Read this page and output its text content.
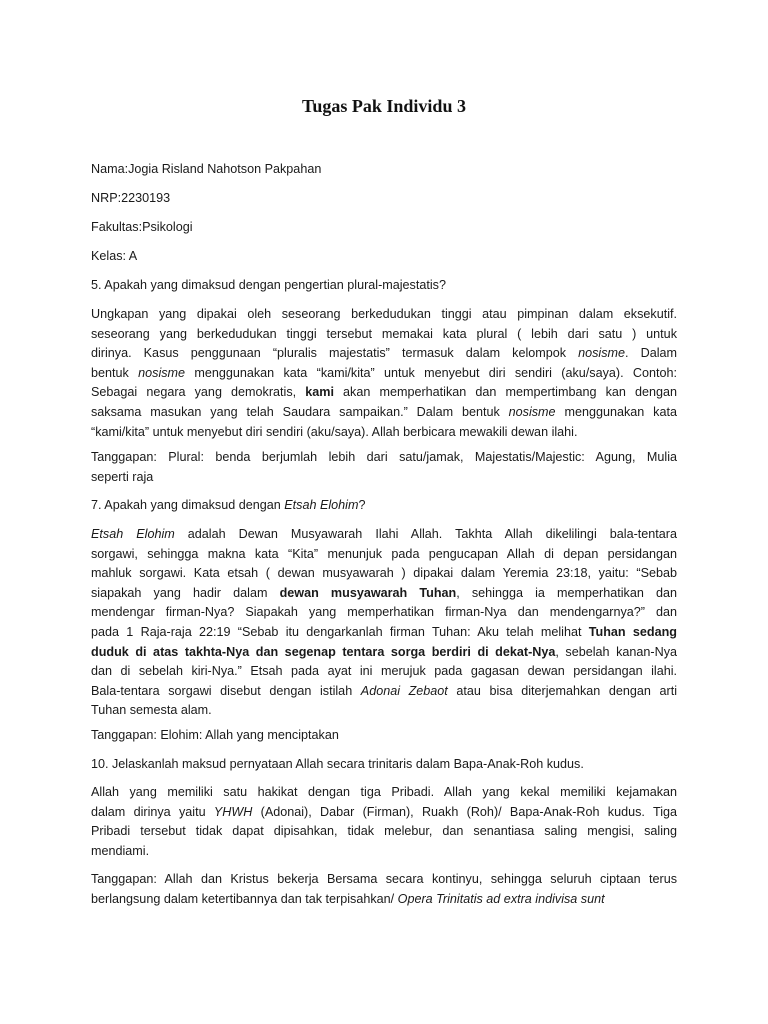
Tugas Pak Individu 3

Nama:Jogia Risland Nahotson Pakpahan

NRP:2230193

Fakultas:Psikologi

Kelas: A

5. Apakah yang dimaksud dengan pengertian plural-majestatis?

Ungkapan yang dipakai oleh seseorang berkedudukan tinggi atau pimpinan dalam eksekutif.
seseorang yang berkedudukan tinggi tersebut memakai kata plural ( lebih dari satu ) untuk
dirinya. Kasus penggunaan “pluralis majestatis” termasuk dalam kelompok nosisme. Dalam
bentuk nosisme menggunakan kata “kami/kita” untuk menyebut diri sendiri (aku/saya). Contoh:
Sebagai negara yang demokratis, kami akan memperhatikan dan mempertimbang kan dengan
saksama masukan yang telah Saudara sampaikan.” Dalam bentuk nosisme menggunakan kata
“kami/kita” untuk menyebut diri sendiri (aku/saya). Allah berbicara mewakili dewan ilahi.
Tanggapan: Plural: benda berjumlah lebih dari satu/jamak, Majestatis/Majestic: Agung, Mulia
seperti raja

7. Apakah yang dimaksud dengan Etsah Elohim?

Etsah Elohim adalah Dewan Musyawarah Ilahi Allah. Takhta Allah dikelilingi bala-tentara
sorgawi, sehingga makna kata “Kita” menunjuk pada pengucapan Allah di depan persidangan
mahluk sorgawi. Kata etsah ( dewan musyawarah ) dipakai dalam Yeremia 23:18, yaitu: “Sebab
siapakah yang hadir dalam dewan musyawarah Tuhan, sehingga ia memperhatikan dan
mendengar firman-Nya? Siapakah yang memperhatikan firman-Nya dan mendengarnya?” dan
pada 1 Raja-raja 22:19 “Sebab itu dengarkanlah firman Tuhan: Aku telah melihat Tuhan sedang
duduk di atas takhta-Nya dan segenap tentara sorga berdiri di dekat-Nya, sebelah kanan-Nya
dan di sebelah kiri-Nya.” Etsah pada ayat ini merujuk pada gagasan dewan persidangan ilahi.
Bala-tentara sorgawi disebut dengan istilah Adonai Zebaot atau bisa diterjemahkan dengan arti
Tuhan semesta alam.

Tanggapan: Elohim: Allah yang menciptakan

10. Jelaskanlah maksud pernyataan Allah secara trinitaris dalam Bapa-Anak-Roh kudus.

Allah yang memiliki satu hakikat dengan tiga Pribadi. Allah yang kekal memiliki kejamakan
dalam dirinya yaitu YHWH (Adonai), Dabar (Firman), Ruakh (Roh)/ Bapa-Anak-Roh kudus. Tiga
Pribadi tersebut tidak dapat dipisahkan, tidak melebur, dan senantiasa saling mengisi, saling
mendiami.
Tanggapan: Allah dan Kristus bekerja Bersama secara kontinyu, sehingga seluruh ciptaan terus
berlangsung dalam ketertibannya dan tak terpisahkan/ Opera Trinitatis ad extra indivisa sunt
